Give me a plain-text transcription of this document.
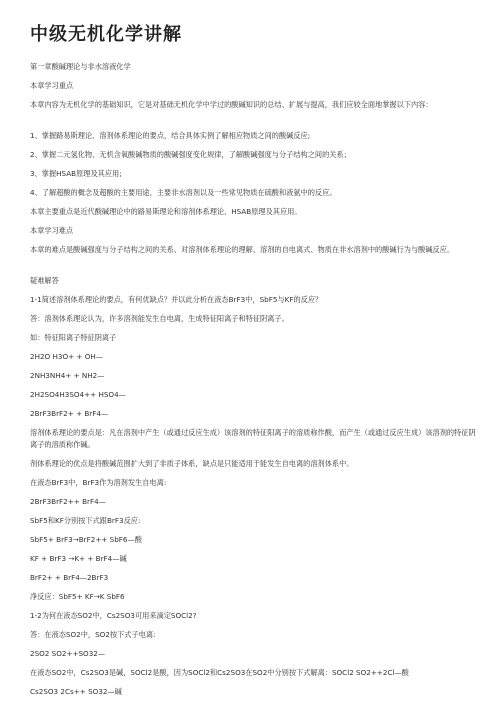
中级无机化学讲解

第一章酸碱理论与非水溶液化学

本章学习重点

本章内容为无机化学的基础知识，它是对基础无机化学中学过的酸碱知识的总结、扩展与提高，我们应较全面地掌握以下内容：

1、掌握路易斯理论、溶剂体系理论的要点，结合具体实例了解相应物质之间的酸碱反应;

2、掌握二元氢化物、无机含氧酸碱物质的酸碱强度变化规律，了解酸碱强度与分子结构之间的关系；

3、掌握HSAB原理及其应用;

4、了解超酸的概念及超酸的主要用途，主要非水溶剂以及一些常见物质在硫酸和液氨中的反应。

本章主要重点是近代酸碱理论中的路易斯理论和溶剂体系理论、HSAB原理及其应用。

本章学习难点

本章的难点是酸碱强度与分子结构之间的关系、对溶剂体系理论的理解、溶剂的自电离式、物质在非水溶剂中的酸碱行为与酸碱反应。

疑难解答

1-1简述溶剂体系理论的要点，有何优缺点？并以此分析在液态BrF3中，SbF5与KF的反应？

答：溶剂体系理论认为，许多溶剂能发生自电离，生成特征阳离子和特征阴离子。

如：特征阳离子特征阴离子

2H2O H3O+ + OH—

2NH3NH4+ + NH2—

2H2SO4H3SO4++ HSO4—

2BrF3BrF2+ + BrF4—

溶剂体系理论的要点是：凡在溶剂中产生（或通过反应生成）该溶剂的特征阳离子的溶质称作酸，而产生（或通过反应生成）该溶剂的特征阴离子的溶质称作碱。

剂体系理论的优点是将酸碱范围扩大到了非质子体系，缺点是只能适用于能发生自电离的溶剂体系中。

在液态BrF3中，BrF3作为溶剂发生自电离:

2BrF3BrF2++ BrF4—

SbF5和KF分别按下式跟BrF3反应:

SbF5+ BrF3→BrF2++ SbF6—酸

KF + BrF3 →K+ + BrF4—碱

BrF2+ + BrF4—2BrF3

净反应：SbF5+ KF→K SbF6

1-2为何在液态SO2中，Cs2SO3可用来滴定SOCl2?

答：在液态SO2中，SO2按下式子电离:

2SO2 SO2++SO32—

在液态SO2中，Cs2SO3是碱，SOCl2是酸，因为SOCl2和Cs2SO3在SO2中分别按下式解离：SOCl2 SO2++2Cl—酸

Cs2SO3 2Cs++ SO32—碱
